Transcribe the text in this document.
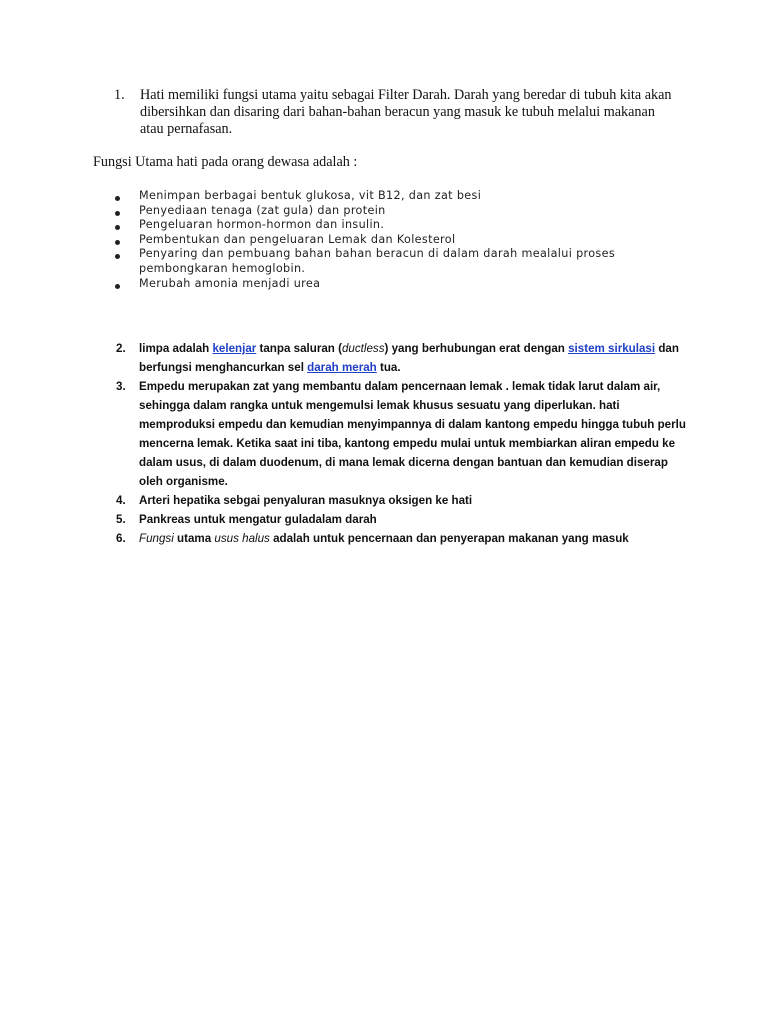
1. Hati memiliki fungsi utama yaitu sebagai Filter Darah. Darah yang beredar di tubuh kita akan dibersihkan dan disaring dari bahan-bahan beracun yang masuk ke tubuh melalui makanan atau pernafasan.
Fungsi Utama hati pada orang dewasa adalah :
Menimpan berbagai bentuk glukosa, vit B12, dan zat besi
Penyediaan tenaga (zat gula) dan protein
Pengeluaran hormon-hormon dan insulin.
Pembentukan dan pengeluaran Lemak dan Kolesterol
Penyaring dan pembuang bahan bahan beracun di dalam darah mealalui proses pembongkaran hemoglobin.
Merubah amonia menjadi urea
2. limpa adalah kelenjar tanpa saluran (ductless) yang berhubungan erat dengan sistem sirkulasi dan berfungsi menghancurkan sel darah merah tua.
3. Empedu merupakan zat yang membantu dalam pencernaan lemak . lemak tidak larut dalam air, sehingga dalam rangka untuk mengemulsi lemak khusus sesuatu yang diperlukan. hati memproduksi empedu dan kemudian menyimpannya di dalam kantong empedu hingga tubuh perlu mencerna lemak. Ketika saat ini tiba, kantong empedu mulai untuk membiarkan aliran empedu ke dalam usus, di dalam duodenum, di mana lemak dicerna dengan bantuan dan kemudian diserap oleh organisme.
4. Arteri hepatika sebgai penyaluran masuknya oksigen ke hati
5. Pankreas untuk mengatur guladalam darah
6. Fungsi utama usus halus adalah untuk pencernaan dan penyerapan makanan yang masuk
